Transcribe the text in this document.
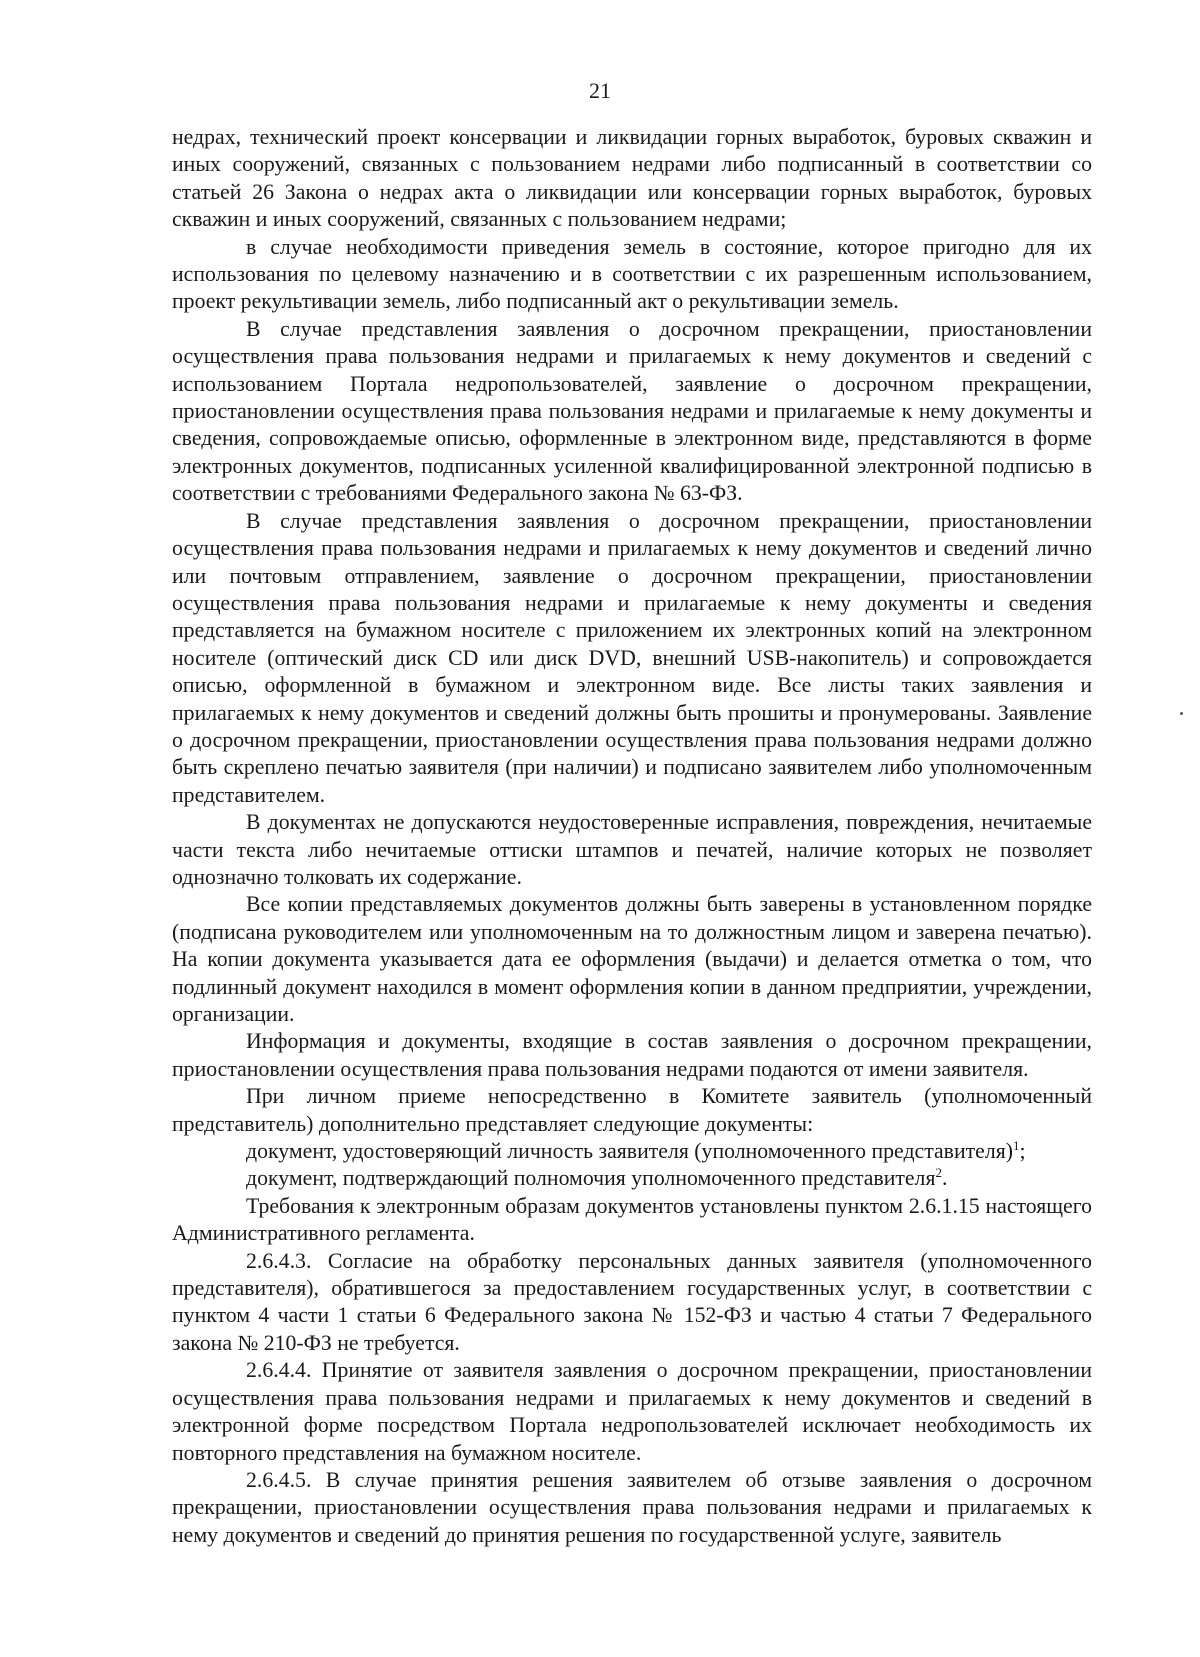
21

недрах, технический проект консервации и ликвидации горных выработок, буровых скважин и иных сооружений, связанных с пользованием недрами либо подписанный в соответствии со статьей 26 Закона о недрах акта о ликвидации или консервации горных выработок, буровых скважин и иных сооружений, связанных с пользованием недрами;

в случае необходимости приведения земель в состояние, которое пригодно для их использования по целевому назначению и в соответствии с их разрешенным использованием, проект рекультивации земель, либо подписанный акт о рекультивации земель.

В случае представления заявления о досрочном прекращении, приостановлении осуществления права пользования недрами и прилагаемых к нему документов и сведений с использованием Портала недропользователей, заявление о досрочном прекращении, приостановлении осуществления права пользования недрами и прилагаемые к нему документы и сведения, сопровождаемые описью, оформленные в электронном виде, представляются в форме электронных документов, подписанных усиленной квалифицированной электронной подписью в соответствии с требованиями Федерального закона № 63-ФЗ.

В случае представления заявления о досрочном прекращении, приостановлении осуществления права пользования недрами и прилагаемых к нему документов и сведений лично или почтовым отправлением, заявление о досрочном прекращении, приостановлении осуществления права пользования недрами и прилагаемые к нему документы и сведения представляется на бумажном носителе с приложением их электронных копий на электронном носителе (оптический диск CD или диск DVD, внешний USB-накопитель) и сопровождается описью, оформленной в бумажном и электронном виде. Все листы таких заявления и прилагаемых к нему документов и сведений должны быть прошиты и пронумерованы. Заявление о досрочном прекращении, приостановлении осуществления права пользования недрами должно быть скреплено печатью заявителя (при наличии) и подписано заявителем либо уполномоченным представителем.

В документах не допускаются неудостоверенные исправления, повреждения, нечитаемые части текста либо нечитаемые оттиски штампов и печатей, наличие которых не позволяет однозначно толковать их содержание.

Все копии представляемых документов должны быть заверены в установленном порядке (подписана руководителем или уполномоченным на то должностным лицом и заверена печатью). На копии документа указывается дата ее оформления (выдачи) и делается отметка о том, что подлинный документ находился в момент оформления копии в данном предприятии, учреждении, организации.

Информация и документы, входящие в состав заявления о досрочном прекращении, приостановлении осуществления права пользования недрами подаются от имени заявителя.

При личном приеме непосредственно в Комитете заявитель (уполномоченный представитель) дополнительно представляет следующие документы:

документ, удостоверяющий личность заявителя (уполномоченного представителя)$^1$;

документ, подтверждающий полномочия уполномоченного представителя$^2$.

Требования к электронным образам документов установлены пунктом 2.6.1.15 настоящего Административного регламента.

2.6.4.3. Согласие на обработку персональных данных заявителя (уполномоченного представителя), обратившегося за предоставлением государственных услуг, в соответствии с пунктом 4 части 1 статьи 6 Федерального закона № 152-ФЗ и частью 4 статьи 7 Федерального закона № 210-ФЗ не требуется.

2.6.4.4. Принятие от заявителя заявления о досрочном прекращении, приостановлении осуществления права пользования недрами и прилагаемых к нему документов и сведений в электронной форме посредством Портала недропользователей исключает необходимость их повторного представления на бумажном носителе.

2.6.4.5. В случае принятия решения заявителем об отзыве заявления о досрочном прекращении, приостановлении осуществления права пользования недрами и прилагаемых к нему документов и сведений до принятия решения по государственной услуге, заявитель
